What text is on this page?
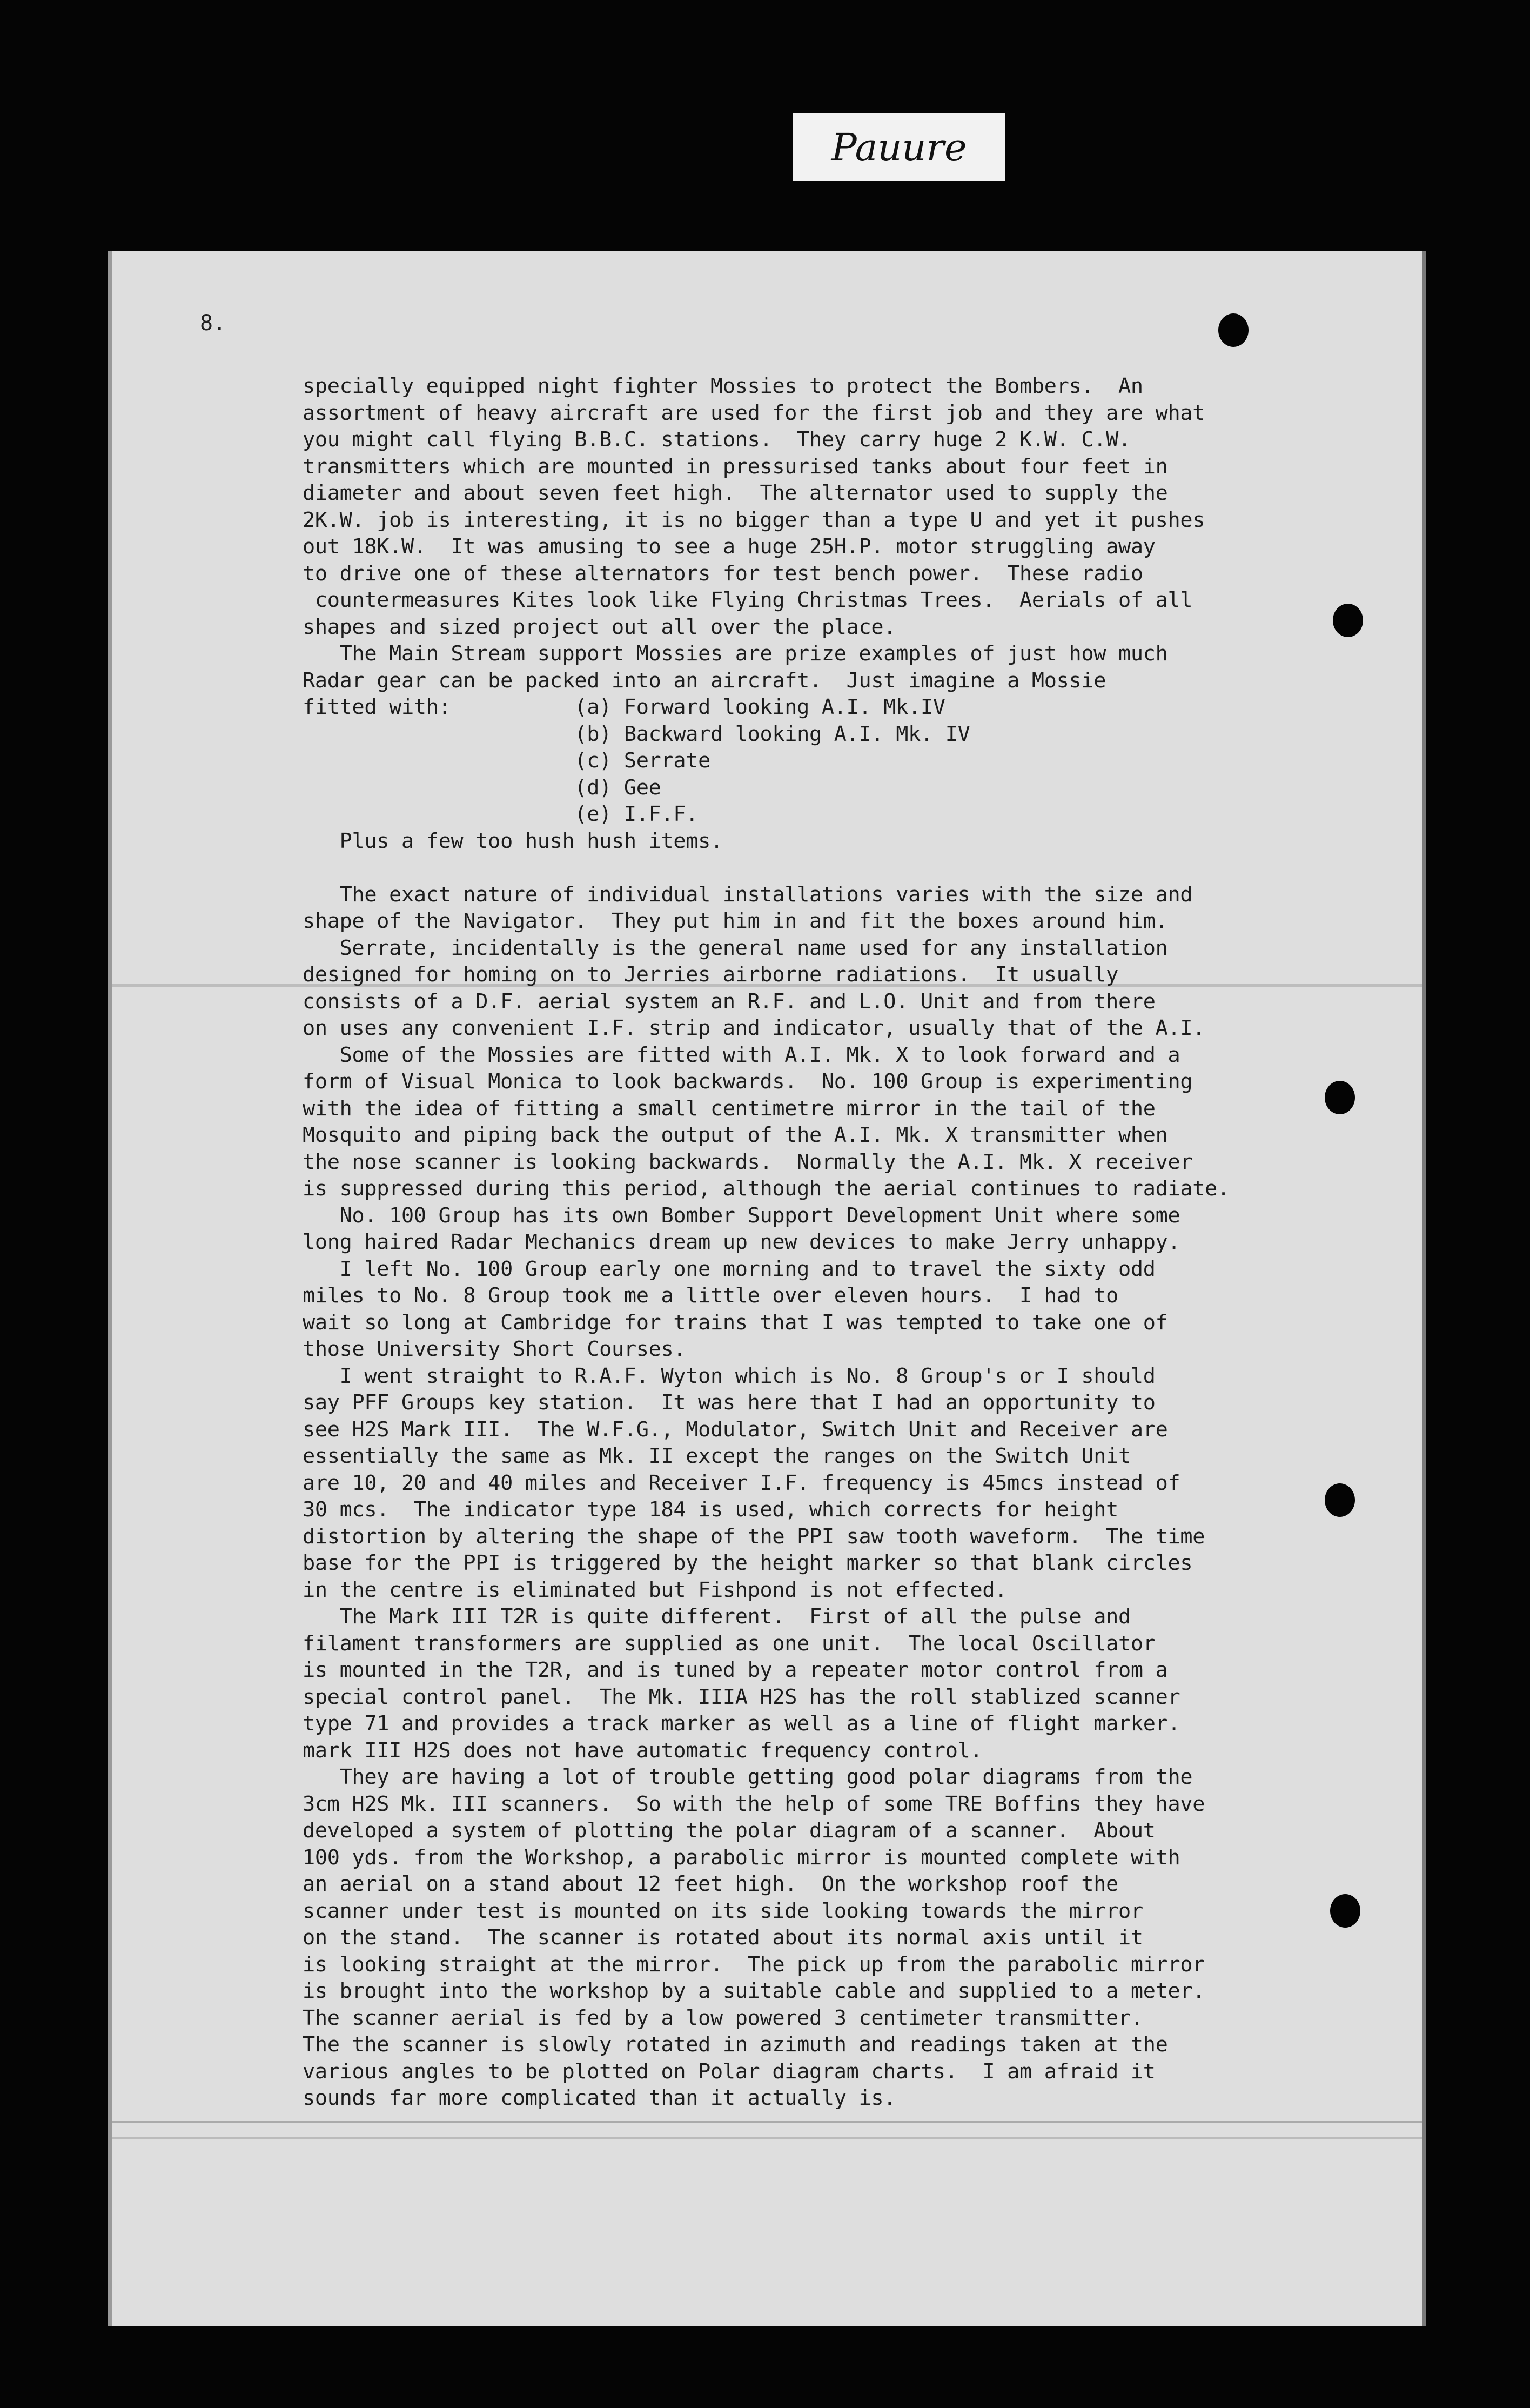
Pauure

8.

specially equipped night fighter Mossies to protect the Bombers.  An
assortment of heavy aircraft are used for the first job and they are what
you might call flying B.B.C. stations.  They carry huge 2 K.W. C.W.
transmitters which are mounted in pressurised tanks about four feet in
diameter and about seven feet high.  The alternator used to supply the
2K.W. job is interesting, it is no bigger than a type U and yet it pushes
out 18K.W.  It was amusing to see a huge 25H.P. motor struggling away
to drive one of these alternators for test bench power.  These radio
countermeasures Kites look like Flying Christmas Trees.  Aerials of all
shapes and sized project out all over the place.
The Main Stream support Mossies are prize examples of just how much
Radar gear can be packed into an aircraft.  Just imagine a Mossie
fitted with:          (a) Forward looking A.I. Mk.IV
(b) Backward looking A.I. Mk. IV
(c) Serrate
(d) Gee
(e) I.F.F.
Plus a few too hush hush items.

The exact nature of individual installations varies with the size and
shape of the Navigator.  They put him in and fit the boxes around him.
Serrate, incidentally is the general name used for any installation
designed for homing on to Jerries airborne radiations.  It usually
consists of a D.F. aerial system an R.F. and L.O. Unit and from there
on uses any convenient I.F. strip and indicator, usually that of the A.I.
Some of the Mossies are fitted with A.I. Mk. X to look forward and a
form of Visual Monica to look backwards.  No. 100 Group is experimenting
with the idea of fitting a small centimetre mirror in the tail of the
Mosquito and piping back the output of the A.I. Mk. X transmitter when
the nose scanner is looking backwards.  Normally the A.I. Mk. X receiver
is suppressed during this period, although the aerial continues to radiate.
No. 100 Group has its own Bomber Support Development Unit where some
long haired Radar Mechanics dream up new devices to make Jerry unhappy.
I left No. 100 Group early one morning and to travel the sixty odd
miles to No. 8 Group took me a little over eleven hours.  I had to
wait so long at Cambridge for trains that I was tempted to take one of
those University Short Courses.
I went straight to R.A.F. Wyton which is No. 8 Group's or I should
say PFF Groups key station.  It was here that I had an opportunity to
see H2S Mark III.  The W.F.G., Modulator, Switch Unit and Receiver are
essentially the same as Mk. II except the ranges on the Switch Unit
are 10, 20 and 40 miles and Receiver I.F. frequency is 45mcs instead of
30 mcs.  The indicator type 184 is used, which corrects for height
distortion by altering the shape of the PPI saw tooth waveform.  The time
base for the PPI is triggered by the height marker so that blank circles
in the centre is eliminated but Fishpond is not effected.
The Mark III T2R is quite different.  First of all the pulse and
filament transformers are supplied as one unit.  The local Oscillator
is mounted in the T2R, and is tuned by a repeater motor control from a
special control panel.  The Mk. IIIA H2S has the roll stablized scanner
type 71 and provides a track marker as well as a line of flight marker.
mark III H2S does not have automatic frequency control.
They are having a lot of trouble getting good polar diagrams from the
3cm H2S Mk. III scanners.  So with the help of some TRE Boffins they have
developed a system of plotting the polar diagram of a scanner.  About
100 yds. from the Workshop, a parabolic mirror is mounted complete with
an aerial on a stand about 12 feet high.  On the workshop roof the
scanner under test is mounted on its side looking towards the mirror
on the stand.  The scanner is rotated about its normal axis until it
is looking straight at the mirror.  The pick up from the parabolic mirror
is brought into the workshop by a suitable cable and supplied to a meter.
The scanner aerial is fed by a low powered 3 centimeter transmitter.
The the scanner is slowly rotated in azimuth and readings taken at the
various angles to be plotted on Polar diagram charts.  I am afraid it
sounds far more complicated than it actually is.
